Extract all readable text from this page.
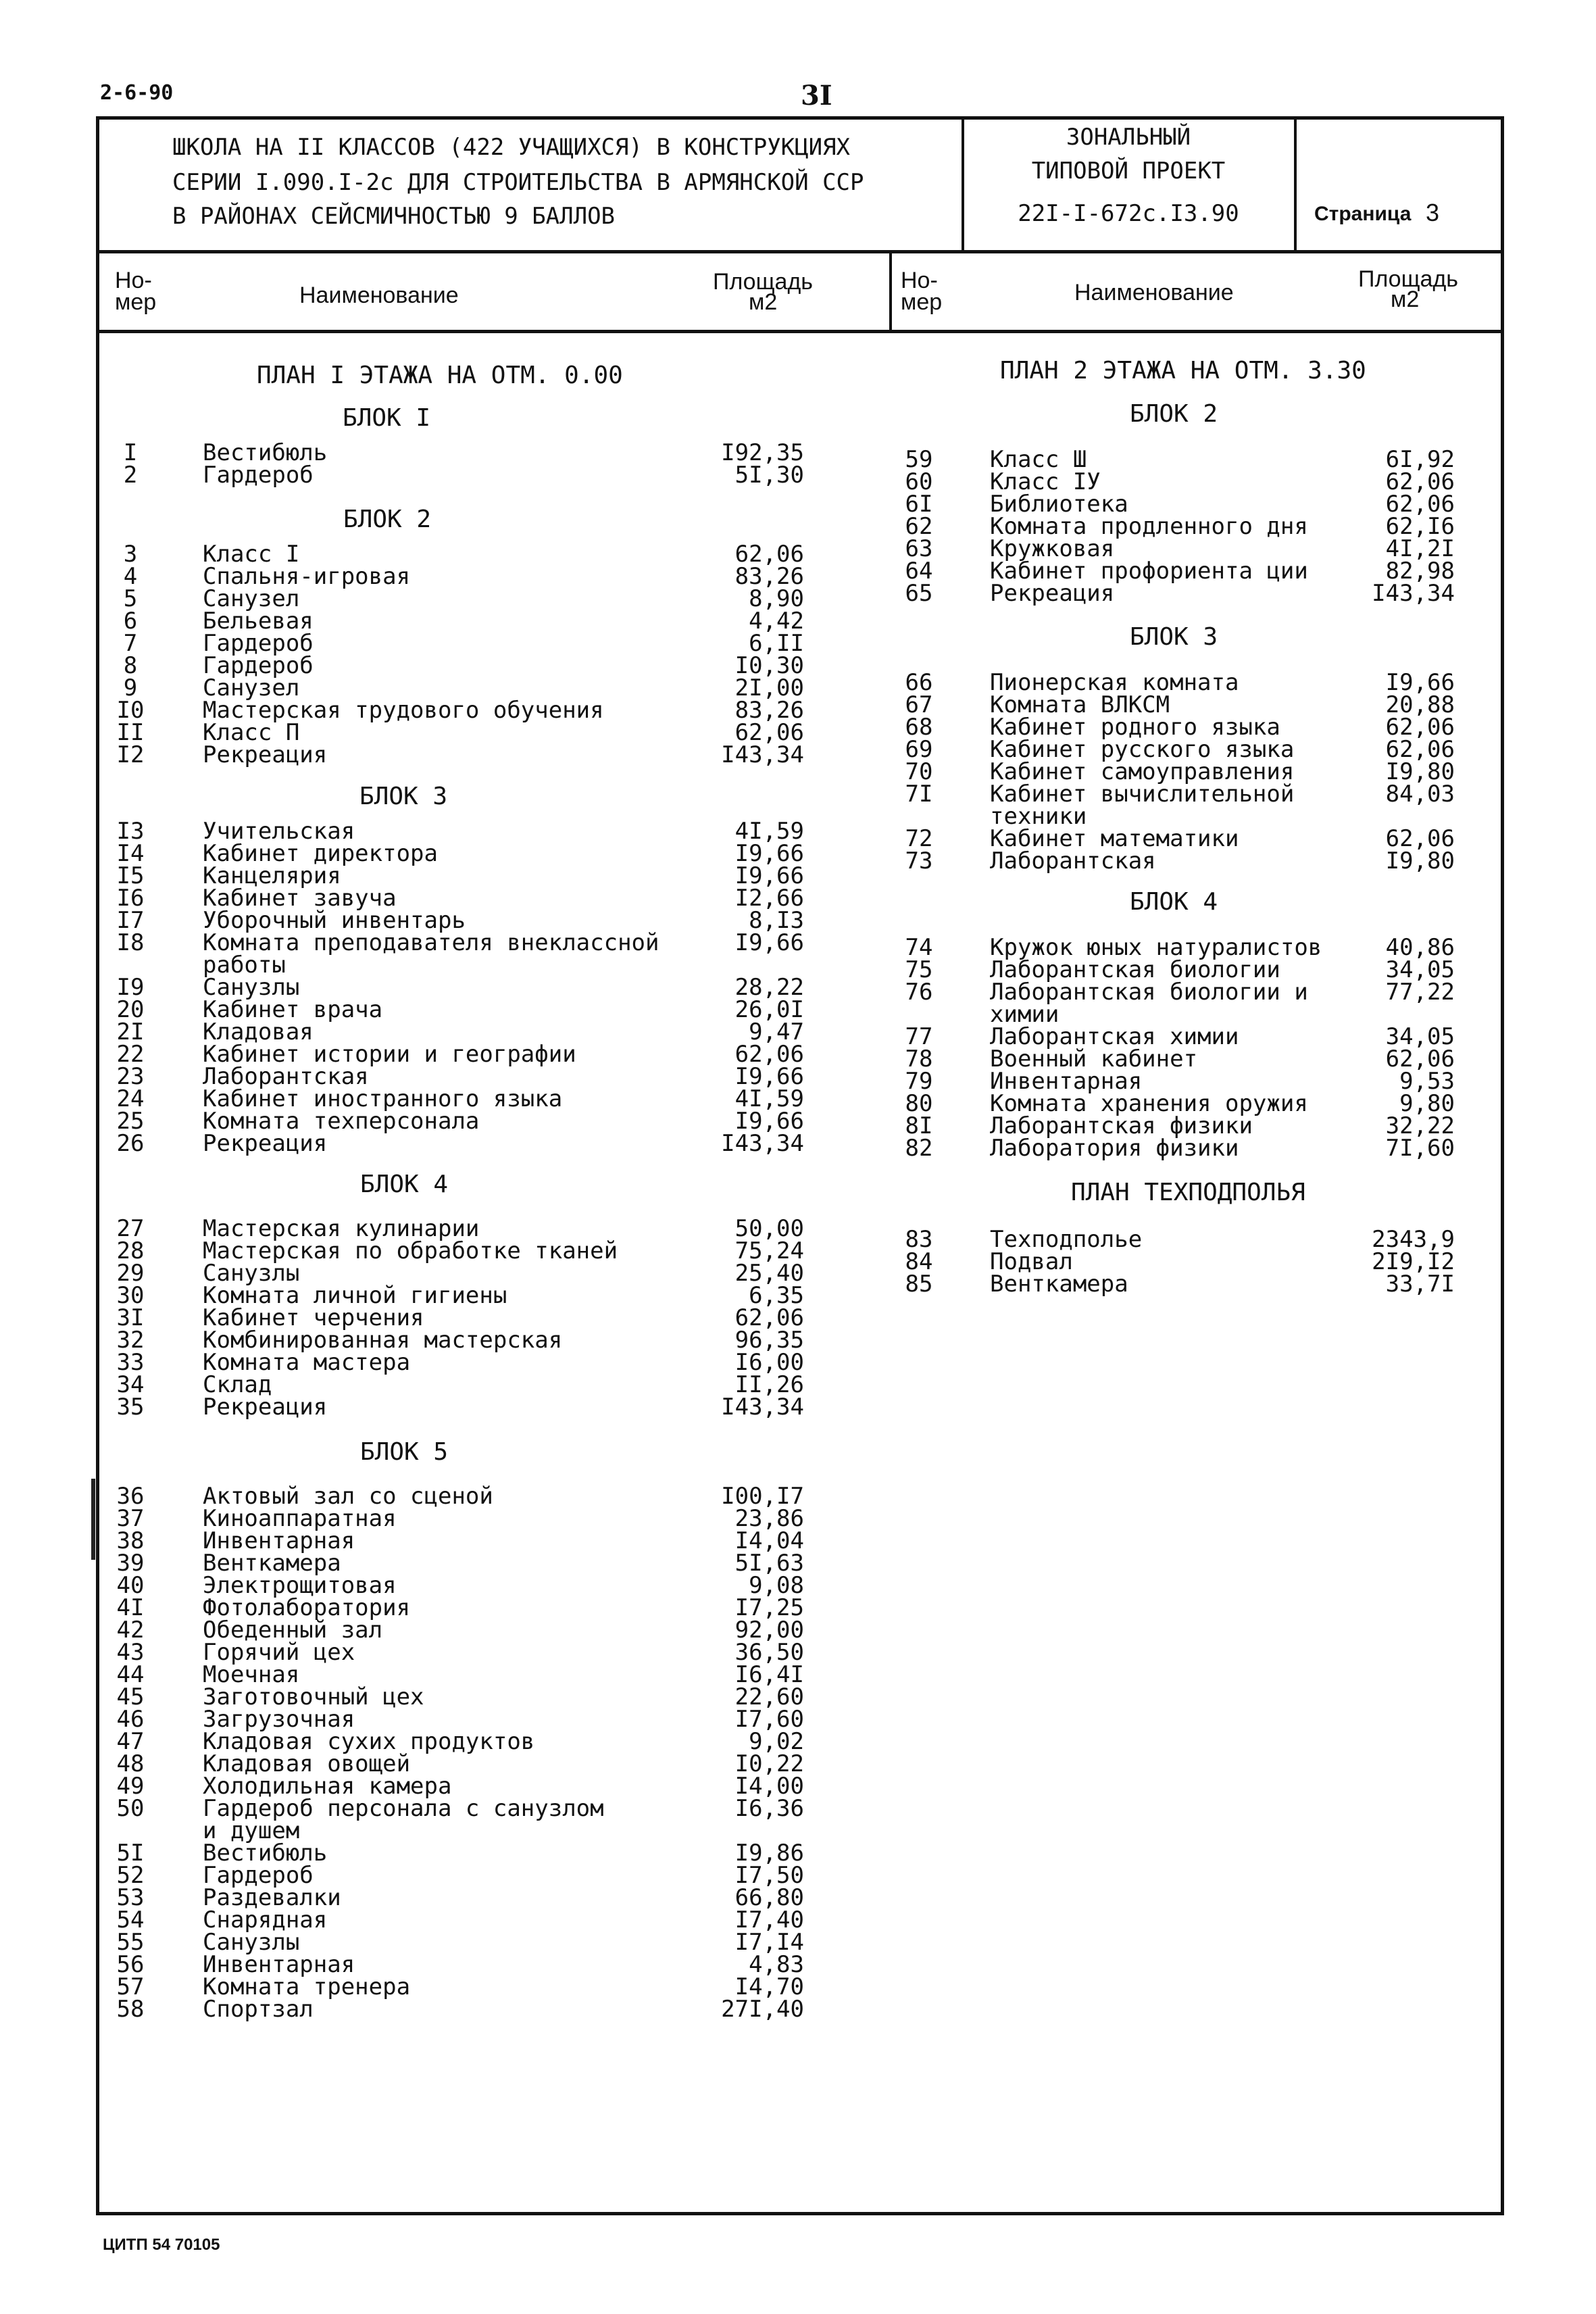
2-6-90	3I
ШКОЛА НА II КЛАССОВ (422 УЧАЩИХСЯ) В КОНСТРУКЦИЯХ
СЕРИИ I.090.I-2с ДЛЯ СТРОИТЕЛЬСТВА В АРМЯНСКОЙ ССР
В РАЙОНАХ СЕЙСМИЧНОСТЬЮ 9 БАЛЛОВ
ЗОНАЛЬНЫЙ
ТИПОВОЙ ПРОЕКТ
22I-I-672с.I3.90	Страница 3
Но-
мер	Наименование
Площадь
м2
Но-
мер	Наименование
Площадь
м2
ПЛАН I ЭТАЖА НА ОТМ. 0.00
БЛОК I
БЛОК 2
БЛОК 3
БЛОК 4
БЛОК 5
ПЛАН 2 ЭТАЖА НА ОТМ. 3.30
БЛОК 2
БЛОК 3
БЛОК 4
ПЛАН ТЕХПОДПОЛЬЯ
I	Вестибюль	I92,35
2	Гардероб	5I,30
3	Класс I	62,06
4	Спальня-игровая	83,26
5	Санузел	8,90
6	Бельевая	4,42
7	Гардероб	6,II
8	Гардероб	I0,30
9	Санузел	2I,00
I0	Мастерская трудового обучения	83,26
II	Класс П	62,06
I2	Рекреация	I43,34
I3	Учительская	4I,59
I4	Кабинет директора	I9,66
I5	Канцелярия	I9,66
I6	Кабинет завуча	I2,66
I7	Уборочный инвентарь	8,I3
I8	Комната преподавателя внеклассной	I9,66
работы
I9	Санузлы	28,22
20	Кабинет врача	26,0I
2I	Кладовая	9,47
22	Кабинет истории и географии	62,06
23	Лаборантская	I9,66
24	Кабинет иностранного языка	4I,59
25	Комната техперсонала	I9,66
26	Рекреация	I43,34
27	Мастерская кулинарии	50,00
28	Мастерская по обработке тканей	75,24
29	Санузлы	25,40
30	Комната личной гигиены	6,35
3I	Кабинет черчения	62,06
32	Комбинированная мастерская	96,35
33	Комната мастера	I6,00
34	Склад	II,26
35	Рекреация	I43,34
36	Актовый зал со сценой	I00,I7
37	Киноаппаратная	23,86
38	Инвентарная	I4,04
39	Венткамера	5I,63
40	Электрощитовая	9,08
4I	Фотолаборатория	I7,25
42	Обеденный зал	92,00
43	Горячий цех	36,50
44	Моечная	I6,4I
45	Заготовочный цех	22,60
46	Загрузочная	I7,60
47	Кладовая сухих продуктов	9,02
48	Кладовая овощей	I0,22
49	Холодильная камера	I4,00
50	Гардероб персонала с санузлом	I6,36
и душем
5I	Вестибюль	I9,86
52	Гардероб	I7,50
53	Раздевалки	66,80
54	Снарядная	I7,40
55	Санузлы	I7,I4
56	Инвентарная	4,83
57	Комната тренера	I4,70
58	Спортзал	27I,40
59	Класс Ш	6I,92
60	Класс IУ	62,06
6I	Библиотека	62,06
62	Комната продленного дня	62,I6
63	Кружковая	4I,2I
64	Кабинет профориента ции	82,98
65	Рекреация	I43,34
66	Пионерская комната	I9,66
67	Комната ВЛКСМ	20,88
68	Кабинет родного языка	62,06
69	Кабинет русского языка	62,06
70	Кабинет самоуправления	I9,80
7I	Кабинет вычислительной	84,03
техники
72	Кабинет математики	62,06
73	Лаборантская	I9,80
74	Кружок юных натуралистов	40,86
75	Лаборантская биологии	34,05
76	Лаборантская биологии и	77,22
химии
77	Лаборантская химии	34,05
78	Военный кабинет	62,06
79	Инвентарная	9,53
80	Комната хранения оружия	9,80
8I	Лаборантская физики	32,22
82	Лаборатория физики	7I,60
83	Техподполье	2343,9
84	Подвал	2I9,I2
85	Венткамера	33,7I
ЦИТП 54 70105
